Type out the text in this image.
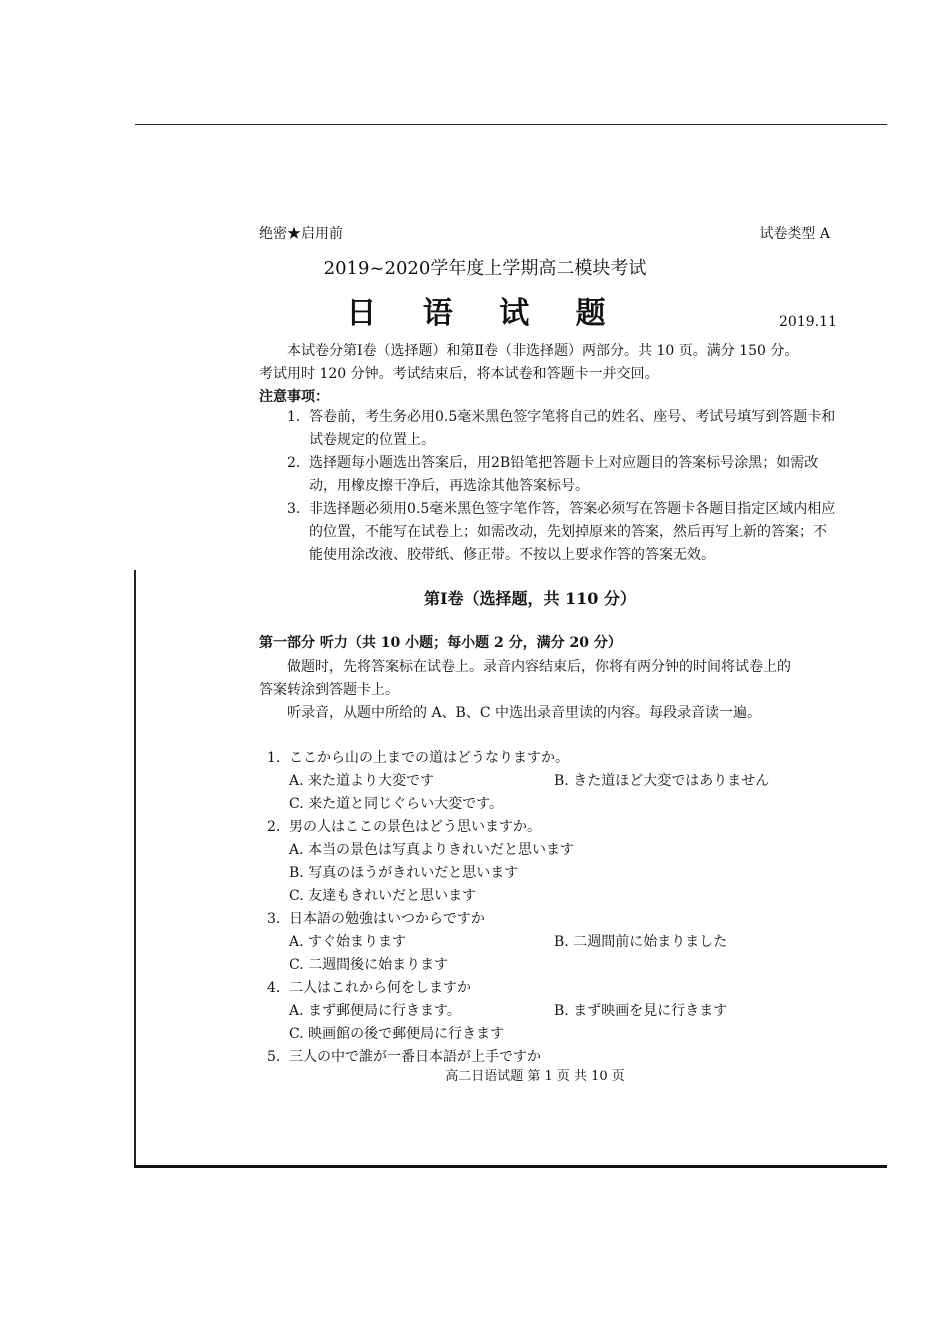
绝密★启用前	试卷类型 A
2019~2020学年度上学期高二模块考试
日 语 试 题	2019.11

本试卷分第Ⅰ卷（选择题）和第Ⅱ卷（非选择题）两部分。共 10 页。满分 150 分。

考试用时 120 分钟。考试结束后，将本试卷和答题卡一并交回。

注意事项：

1. 答卷前，考生务必用0.5毫米黑色签字笔将自己的姓名、座号、考试号填写到答题卡和试卷规定的位置上。
2. 选择题每小题选出答案后，用2B铅笔把答题卡上对应题目的答案标号涂黑；如需改动，用橡皮擦干净后，再选涂其他答案标号。
3. 非选择题必须用0.5毫米黑色签字笔作答，答案必须写在答题卡各题目指定区域内相应的位置，不能写在试卷上；如需改动，先划掉原来的答案，然后再写上新的答案；不能使用涂改液、胶带纸、修正带。不按以上要求作答的答案无效。
第Ⅰ卷（选择题，共 110 分）
第一部分 听力（共 10 小题；每小题 2 分，满分 20 分）

做题时，先将答案标在试卷上。录音内容结束后，你将有两分钟的时间将试卷上的

答案转涂到答题卡上。

听录音，从题中所给的 A、B、C 中选出录音里读的内容。每段录音读一遍。

1. ここから山の上までの道はどうなりますか。
A. 来た道より大変です	B. きた道ほど大変ではありません
C. 来た道と同じぐらい大変です。
2. 男の人はここの景色はどう思いますか。
A. 本当の景色は写真よりきれいだと思います
B. 写真のほうがきれいだと思います
C. 友達もきれいだと思います
3. 日本語の勉強はいつからですか
A. すぐ始まります	B. 二週間前に始まりました
C. 二週間後に始まります
4. 二人はこれから何をしますか
A. まず郵便局に行きます。	B. まず映画を見に行きます
C. 映画館の後で郵便局に行きます
5. 三人の中で誰が一番日本語が上手ですか
高二日语试题 第 1 页 共 10 页
